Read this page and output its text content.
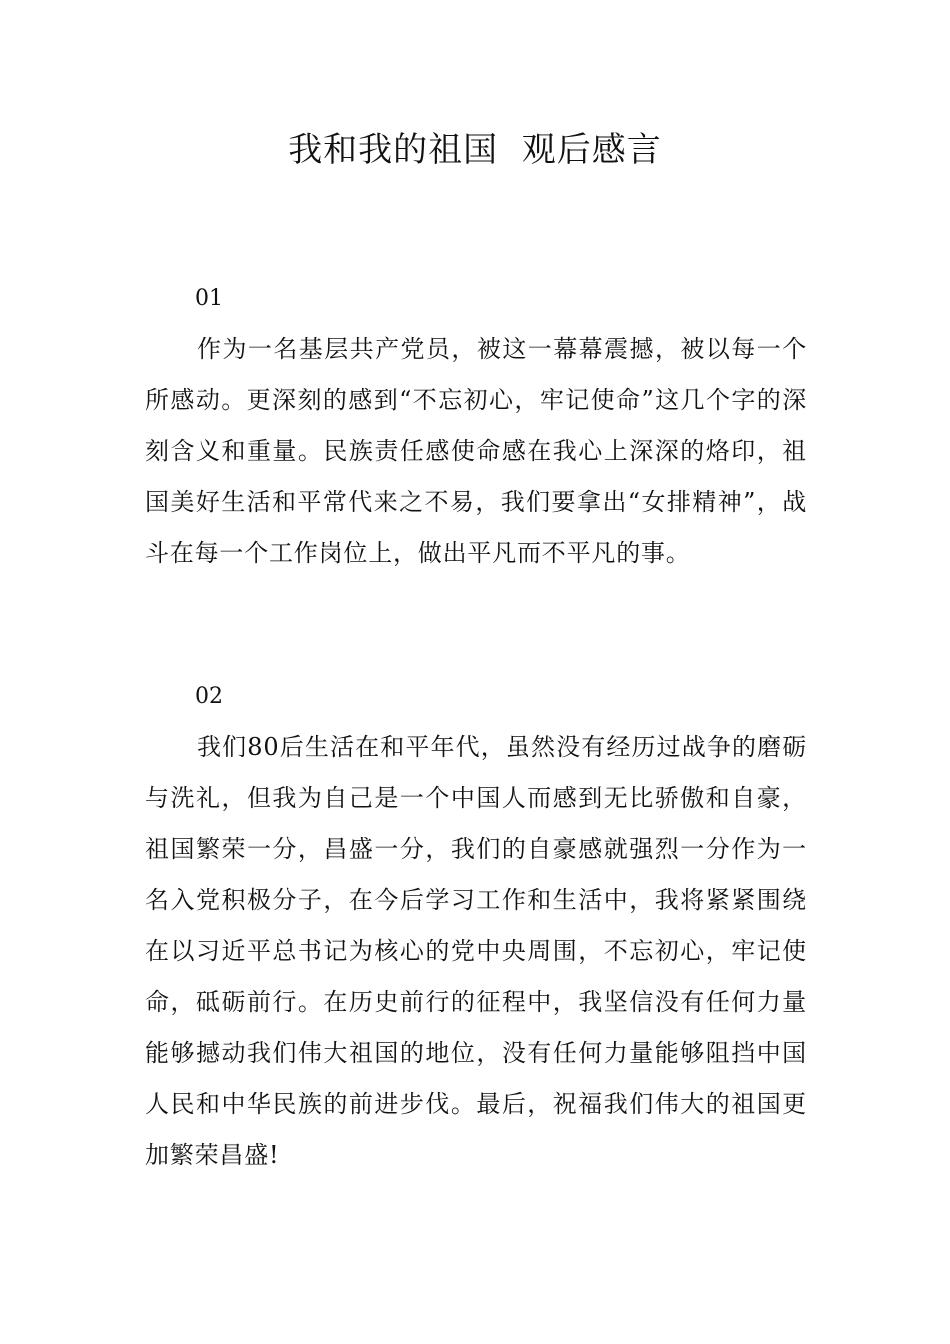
我和我的祖国  观后感言
01

作为一名基层共产党员，被这一幕幕震撼，被以每一个所感动。更深刻的感到“不忘初心，牢记使命”这几个字的深刻含义和重量。民族责任感使命感在我心上深深的烙印，祖国美好生活和平常代来之不易，我们要拿出“女排精神”，战斗在每一个工作岗位上，做出平凡而不平凡的事。

02

我们80后生活在和平年代，虽然没有经历过战争的磨砺与洗礼，但我为自己是一个中国人而感到无比骄傲和自豪，祖国繁荣一分，昌盛一分，我们的自豪感就强烈一分作为一名入党积极分子，在今后学习工作和生活中，我将紧紧围绕在以习近平总书记为核心的党中央周围，不忘初心，牢记使命，砥砺前行。在历史前行的征程中，我坚信没有任何力量能够撼动我们伟大祖国的地位，没有任何力量能够阻挡中国人民和中华民族的前进步伐。最后，祝福我们伟大的祖国更加繁荣昌盛!
